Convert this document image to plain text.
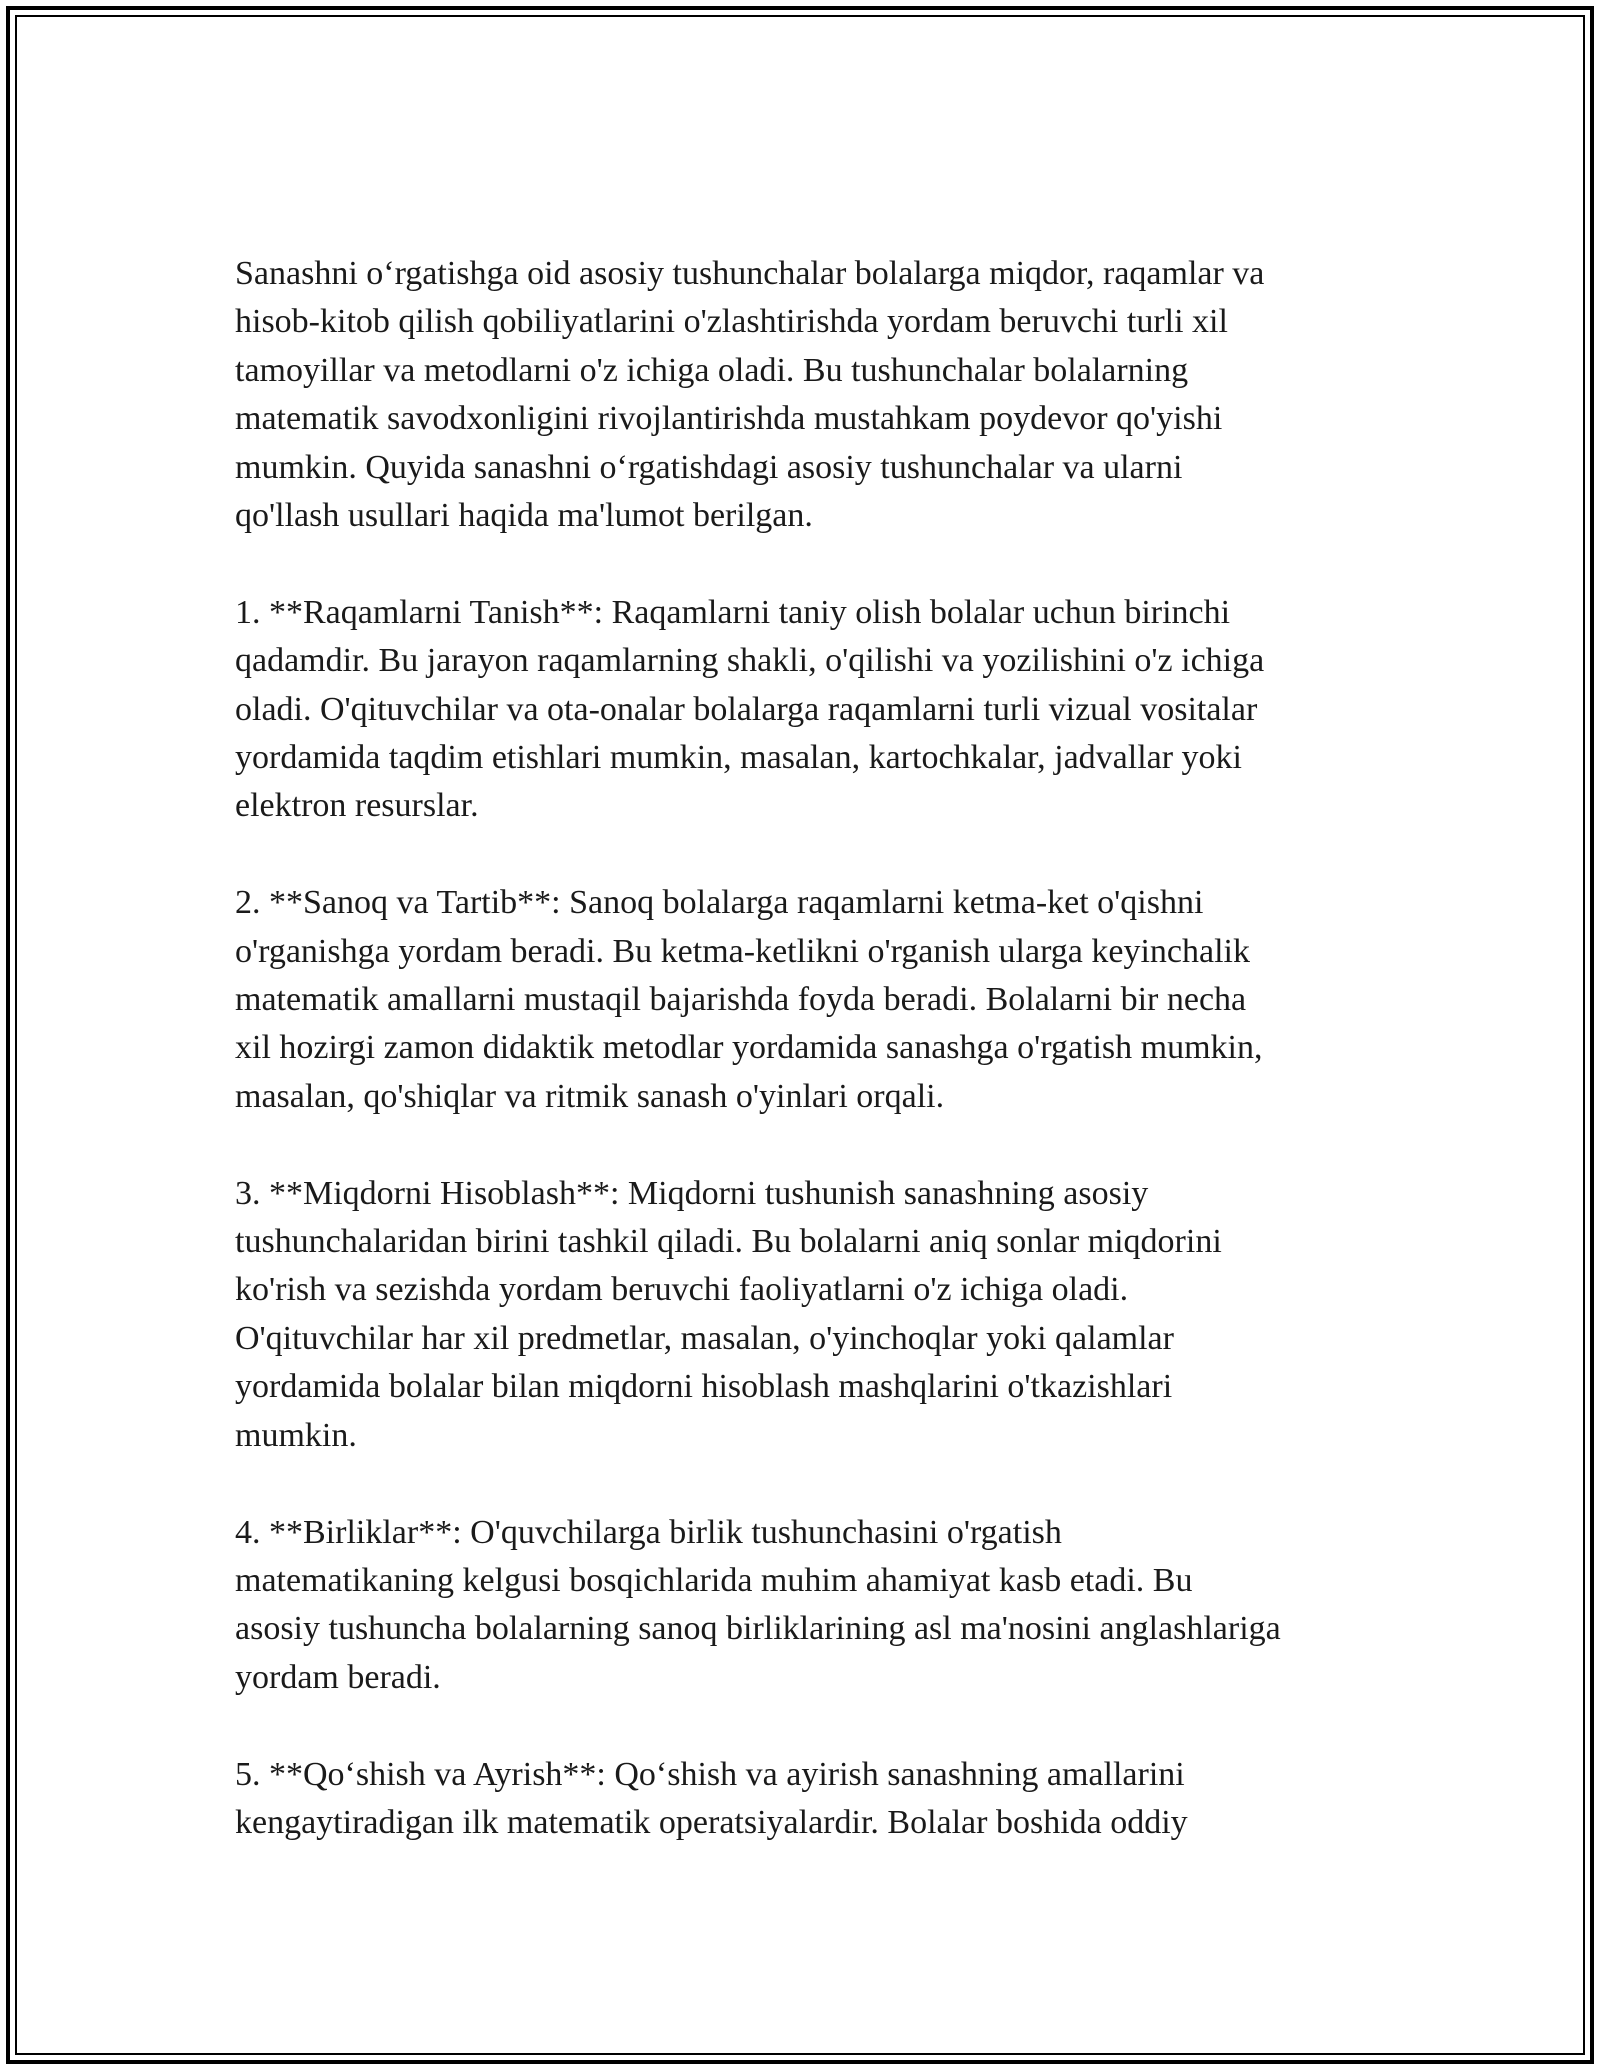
Sanashni o‘rgatishga oid asosiy tushunchalar bolalarga miqdor, raqamlar va
hisob-kitob qilish qobiliyatlarini o'zlashtirishda yordam beruvchi turli xil
tamoyillar va metodlarni o'z ichiga oladi. Bu tushunchalar bolalarning
matematik savodxonligini rivojlantirishda mustahkam poydevor qo'yishi
mumkin. Quyida sanashni o‘rgatishdagi asosiy tushunchalar va ularni
qo'llash usullari haqida ma'lumot berilgan.

1. **Raqamlarni Tanish**: Raqamlarni taniy olish bolalar uchun birinchi
qadamdir. Bu jarayon raqamlarning shakli, o'qilishi va yozilishini o'z ichiga
oladi. O'qituvchilar va ota-onalar bolalarga raqamlarni turli vizual vositalar
yordamida taqdim etishlari mumkin, masalan, kartochkalar, jadvallar yoki
elektron resurslar.

2. **Sanoq va Tartib**: Sanoq bolalarga raqamlarni ketma-ket o'qishni
o'rganishga yordam beradi. Bu ketma-ketlikni o'rganish ularga keyinchalik
matematik amallarni mustaqil bajarishda foyda beradi. Bolalarni bir necha
xil hozirgi zamon didaktik metodlar yordamida sanashga o'rgatish mumkin,
masalan, qo'shiqlar va ritmik sanash o'yinlari orqali.

3. **Miqdorni Hisoblash**: Miqdorni tushunish sanashning asosiy
tushunchalaridan birini tashkil qiladi. Bu bolalarni aniq sonlar miqdorini
ko'rish va sezishda yordam beruvchi faoliyatlarni o'z ichiga oladi.
O'qituvchilar har xil predmetlar, masalan, o'yinchoqlar yoki qalamlar
yordamida bolalar bilan miqdorni hisoblash mashqlarini o'tkazishlari
mumkin.

4. **Birliklar**: O'quvchilarga birlik tushunchasini o'rgatish
matematikaning kelgusi bosqichlarida muhim ahamiyat kasb etadi. Bu
asosiy tushuncha bolalarning sanoq birliklarining asl ma'nosini anglashlariga
yordam beradi.

5. **Qo‘shish va Ayrish**: Qo‘shish va ayirish sanashning amallarini
kengaytiradigan ilk matematik operatsiyalardir. Bolalar boshida oddiy
